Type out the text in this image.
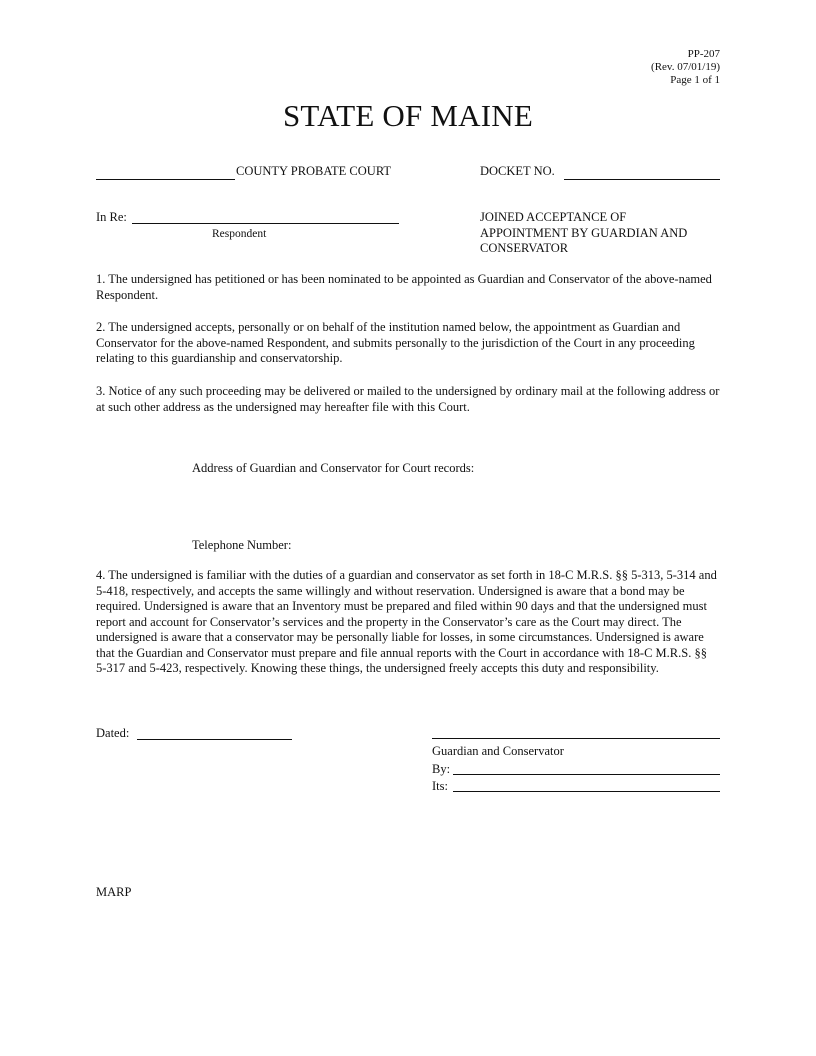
PP-207
(Rev. 07/01/19)
Page 1 of 1
STATE OF MAINE
COUNTY PROBATE COURT	DOCKET NO.
In Re:
Respondent
JOINED ACCEPTANCE OF
APPOINTMENT BY GUARDIAN AND
CONSERVATOR
1. The undersigned has petitioned or has been nominated to be appointed as Guardian and Conservator of the above-named Respondent.
2. The undersigned accepts, personally or on behalf of the institution named below, the appointment as Guardian and Conservator for the above-named Respondent, and submits personally to the jurisdiction of the Court in any proceeding relating to this guardianship and conservatorship.
3. Notice of any such proceeding may be delivered or mailed to the undersigned by ordinary mail at the following address or at such other address as the undersigned may hereafter file with this Court.
Address of Guardian and Conservator for Court records:
Telephone Number:
4. The undersigned is familiar with the duties of a guardian and conservator as set forth in 18-C M.R.S. §§ 5-313, 5-314 and 5-418, respectively, and accepts the same willingly and without reservation. Undersigned is aware that a bond may be required. Undersigned is aware that an Inventory must be prepared and filed within 90 days and that the undersigned must report and account for Conservator’s services and the property in the Conservator’s care as the Court may direct. The undersigned is aware that a conservator may be personally liable for losses, in some circumstances. Undersigned is aware that the Guardian and Conservator must prepare and file annual reports with the Court in accordance with 18-C M.R.S. §§ 5-317 and 5-423, respectively. Knowing these things, the undersigned freely accepts this duty and responsibility.
Dated:
Guardian and Conservator
By:
Its:
MARP
